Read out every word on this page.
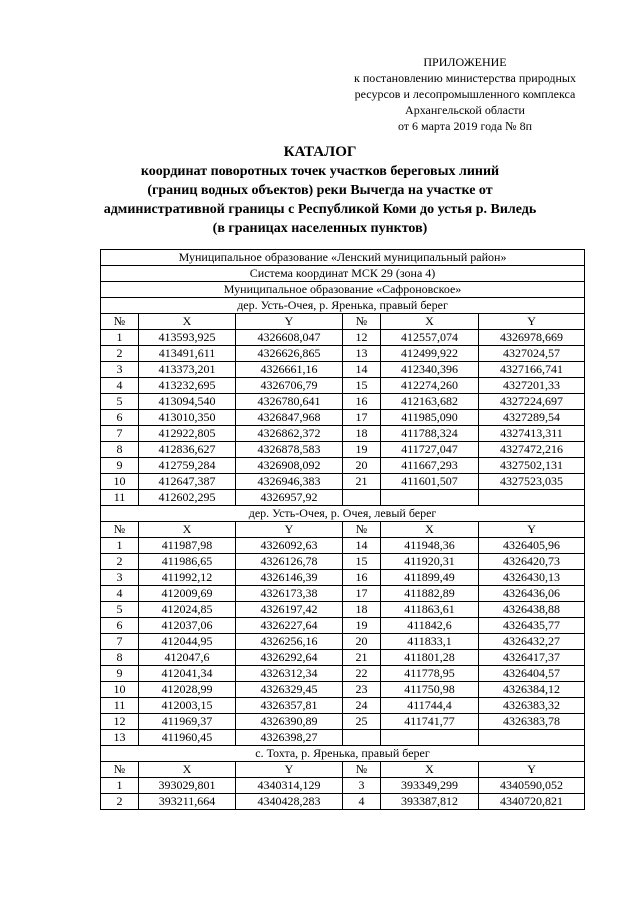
ПРИЛОЖЕНИЕ
к постановлению министерства природных
ресурсов и лесопромышленного комплекса
Архангельской области
от 6 марта 2019 года № 8п
КАТАЛОГ
координат поворотных точек участков береговых линий
(границ водных объектов) реки Вычегда на участке от
административной границы с Республикой Коми до устья р. Виледь
(в границах населенных пунктов)
Муниципальное образование «Ленский муниципальный район»					
Система координат МСК 29 (зона 4)					
Муниципальное образование «Сафроновское»					
дер. Усть-Очея, р. Яренька, правый берег					
№	X	Y	№	X	Y
1	413593,925	4326608,047	12	412557,074	4326978,669
2	413491,611	4326626,865	13	412499,922	4327024,57
3	413373,201	4326661,16	14	412340,396	4327166,741
4	413232,695	4326706,79	15	412274,260	4327201,33
5	413094,540	4326780,641	16	412163,682	4327224,697
6	413010,350	4326847,968	17	411985,090	4327289,54
7	412922,805	4326862,372	18	411788,324	4327413,311
8	412836,627	4326878,583	19	411727,047	4327472,216
9	412759,284	4326908,092	20	411667,293	4327502,131
10	412647,387	4326946,383	21	411601,507	4327523,035
11	412602,295	4326957,92			
дер. Усть-Очея, р. Очея, левый берег					
№	X	Y	№	X	Y
1	411987,98	4326092,63	14	411948,36	4326405,96
2	411986,65	4326126,78	15	411920,31	4326420,73
3	411992,12	4326146,39	16	411899,49	4326430,13
4	412009,69	4326173,38	17	411882,89	4326436,06
5	412024,85	4326197,42	18	411863,61	4326438,88
6	412037,06	4326227,64	19	411842,6	4326435,77
7	412044,95	4326256,16	20	411833,1	4326432,27
8	412047,6	4326292,64	21	411801,28	4326417,37
9	412041,34	4326312,34	22	411778,95	4326404,57
10	412028,99	4326329,45	23	411750,98	4326384,12
11	412003,15	4326357,81	24	411744,4	4326383,32
12	411969,37	4326390,89	25	411741,77	4326383,78
13	411960,45	4326398,27			
с. Тохта, р. Яренька, правый берег					
№	X	Y	№	X	Y
1	393029,801	4340314,129	3	393349,299	4340590,052
2	393211,664	4340428,283	4	393387,812	4340720,821
